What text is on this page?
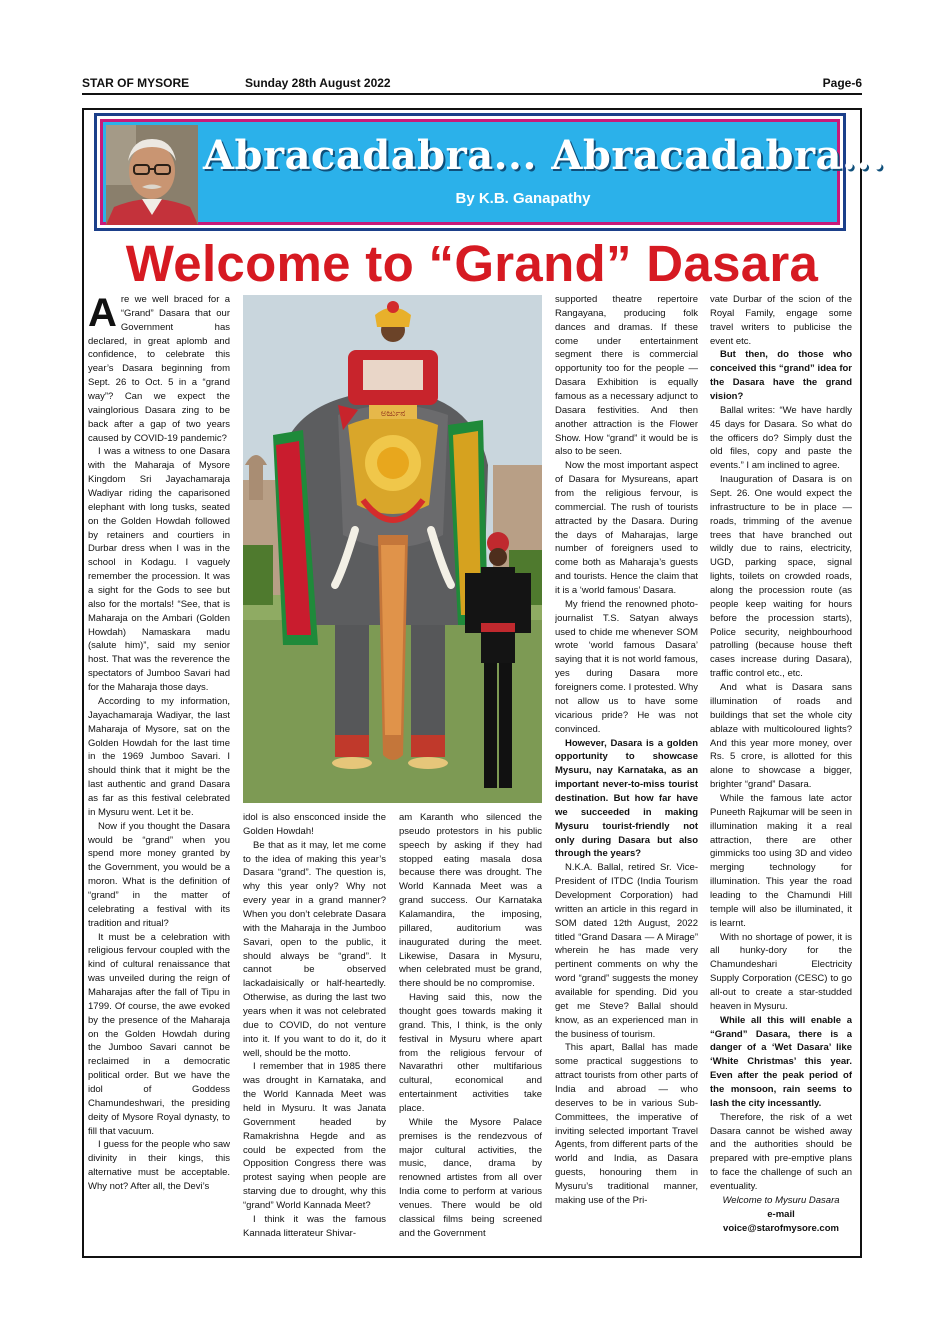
STAR OF MYSORE	Sunday 28th August 2022	Page-6
Abracadabra... Abracadabra...
By K.B. Ganapathy
Welcome to “Grand” Dasara
ಅರ್ಜುನ

Are we well braced for a “Grand” Dasara that our Government has declared, in great aplomb and confidence, to celebrate this year’s Dasara beginning from Sept. 26 to Oct. 5 in a “grand way”? Can we expect the vainglorious Dasara zing to be back after a gap of two years caused by COVID-19 pandemic?

I was a witness to one Dasara with the Maharaja of Mysore Kingdom Sri Jayachamaraja Wadiyar riding the caparisoned elephant with long tusks, seated on the Golden Howdah followed by retainers and courtiers in Durbar dress when I was in the school in Kodagu. I vaguely remember the procession. It was a sight for the Gods to see but also for the mortals! “See, that is Maharaja on the Ambari (Golden Howdah) Namaskara madu (salute him)”, said my senior host. That was the reverence the spectators of Jumboo Savari had for the Maharaja those days.

According to my information, Jayachamaraja Wadiyar, the last Maharaja of Mysore, sat on the Golden Howdah for the last time in the 1969 Jumboo Savari. I should think that it might be the last authentic and grand Dasara as far as this festival celebrated in Mysuru went. Let it be.

Now if you thought the Dasara would be “grand” when you spend more money granted by the Government, you would be a moron. What is the definition of “grand” in the matter of celebrating a festival with its tradition and ritual?

It must be a celebration with religious fervour coupled with the kind of cultural renaissance that was unveiled during the reign of Maharajas after the fall of Tipu in 1799. Of course, the awe evoked by the presence of the Maharaja on the Golden Howdah during the Jumboo Savari cannot be reclaimed in a democratic political order. But we have the idol of Goddess Chamundeshwari, the presiding deity of Mysore Royal dynasty, to fill that vacuum.

I guess for the people who saw divinity in their kings, this alternative must be acceptable. Why not? After all, the Devi’s

idol is also ensconced inside the Golden Howdah!

Be that as it may, let me come to the idea of making this year’s Dasara “grand”. The question is, why this year only? Why not every year in a grand manner? When you don’t celebrate Dasara with the Maharaja in the Jumboo Savari, open to the public, it should always be “grand”. It cannot be observed lackadaisically or half-heartedly. Otherwise, as during the last two years when it was not celebrated due to COVID, do not venture into it. If you want to do it, do it well, should be the motto.

I remember that in 1985 there was drought in Karnataka, and the World Kannada Meet was held in Mysuru. It was Janata Government headed by Ramakrishna Hegde and as could be expected from the Opposition Congress there was protest saying when people are starving due to drought, why this “grand” World Kannada Meet?

I think it was the famous Kannada litterateur Shivar-

am Karanth who silenced the pseudo protestors in his public speech by asking if they had stopped eating masala dosa because there was drought. The World Kannada Meet was a grand success. Our Karnataka Kalamandira, the imposing, pillared, auditorium was inaugurated during the meet. Likewise, Dasara in Mysuru, when celebrated must be grand, there should be no compromise.

Having said this, now the thought goes towards making it grand. This, I think, is the only festival in Mysuru where apart from the religious fervour of Navarathri other multifarious cultural, economical and entertainment activities take place.

While the Mysore Palace premises is the rendezvous of major cultural activities, the music, dance, drama by renowned artistes from all over India come to perform at various venues. There would be old classical films being screened and the Government

supported theatre repertoire Rangayana, producing folk dances and dramas. If these come under entertainment segment there is commercial opportunity too for the people — Dasara Exhibition is equally famous as a necessary adjunct to Dasara festivities. And then another attraction is the Flower Show. How “grand” it would be is also to be seen.

Now the most important aspect of Dasara for Mysureans, apart from the religious fervour, is commercial. The rush of tourists attracted by the Dasara. During the days of Maharajas, large number of foreigners used to come both as Maharaja’s guests and tourists. Hence the claim that it is a ‘world famous’ Dasara.

My friend the renowned photo-journalist T.S. Satyan always used to chide me whenever SOM wrote ‘world famous Dasara’ saying that it is not world famous, yes during Dasara more foreigners come. I protested. Why not allow us to have some vicarious pride? He was not convinced.

However, Dasara is a golden opportunity to showcase Mysuru, nay Karnataka, as an important never-to-miss tourist destination. But how far have we succeeded in making Mysuru tourist-friendly not only during Dasara but also through the years?

N.K.A. Ballal, retired Sr. Vice-President of ITDC (India Tourism Development Corporation) had written an article in this regard in SOM dated 12th August, 2022 titled “Grand Dasara — A Mirage” wherein he has made very pertinent comments on why the word “grand” suggests the money available for spending. Did you get me Steve? Ballal should know, as an experienced man in the business of tourism.

This apart, Ballal has made some practical suggestions to attract tourists from other parts of India and abroad — who deserves to be in various Sub-Committees, the imperative of inviting selected important Travel Agents, from different parts of the world and India, as Dasara guests, honouring them in Mysuru’s traditional manner, making use of the Pri-

vate Durbar of the scion of the Royal Family, engage some travel writers to publicise the event etc.

But then, do those who conceived this “grand” idea for the Dasara have the grand vision?

Ballal writes: “We have hardly 45 days for Dasara. So what do the officers do? Simply dust the old files, copy and paste the events.” I am inclined to agree.

Inauguration of Dasara is on Sept. 26. One would expect the infrastructure to be in place — roads, trimming of the avenue trees that have branched out wildly due to rains, electricity, UGD, parking space, signal lights, toilets on crowded roads, along the procession route (as people keep waiting for hours before the procession starts), Police security, neighbourhood patrolling (because house theft cases increase during Dasara), traffic control etc., etc.

And what is Dasara sans illumination of roads and buildings that set the whole city ablaze with multicoloured lights? And this year more money, over Rs. 5 crore, is allotted for this alone to showcase a bigger, brighter “grand” Dasara.

While the famous late actor Puneeth Rajkumar will be seen in illumination making it a real attraction, there are other gimmicks too using 3D and video merging technology for illumination. This year the road leading to the Chamundi Hill temple will also be illuminated, it is learnt.

With no shortage of power, it is all hunky-dory for the Chamundeshari Electricity Supply Corporation (CESC) to go all-out to create a star-studded heaven in Mysuru.

While all this will enable a “Grand” Dasara, there is a danger of a ‘Wet Dasara’ like ‘White Christmas’ this year. Even after the peak period of the monsoon, rain seems to lash the city incessantly.

Therefore, the risk of a wet Dasara cannot be wished away and the authorities should be prepared with pre-emptive plans to face the challenge of such an eventuality.

Welcome to Mysuru Dasara

e-mail

voice@starofmysore.com
